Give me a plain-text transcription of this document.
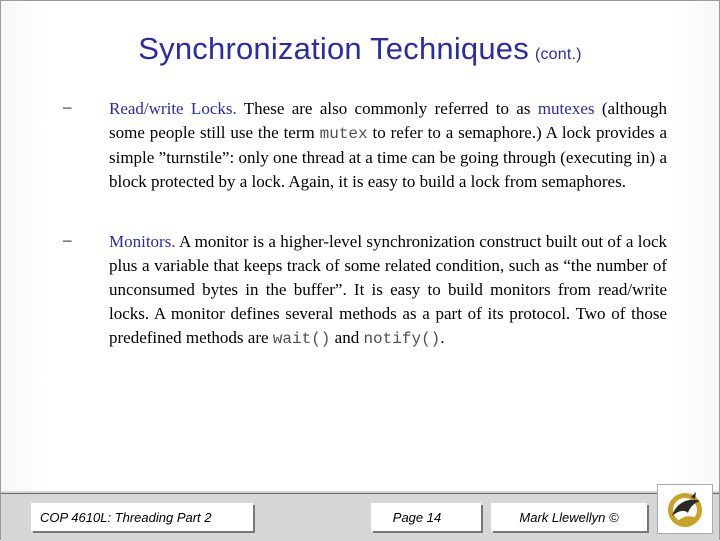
Synchronization Techniques (cont.)
– Read/write Locks. These are also commonly referred to as mutexes (although some people still use the term mutex to refer to a semaphore.) A lock provides a simple ”turnstile”: only one thread at a time can be going through (executing in) a block protected by a lock. Again, it is easy to build a lock from semaphores.
– Monitors. A monitor is a higher-level synchronization construct built out of a lock plus a variable that keeps track of some related condition, such as “the number of unconsumed bytes in the buffer”. It is easy to build monitors from read/write locks. A monitor defines several methods as a part of its protocol. Two of those predefined methods are wait() and notify().
COP 4610L: Threading Part 2	Page 14	Mark Llewellyn ©
